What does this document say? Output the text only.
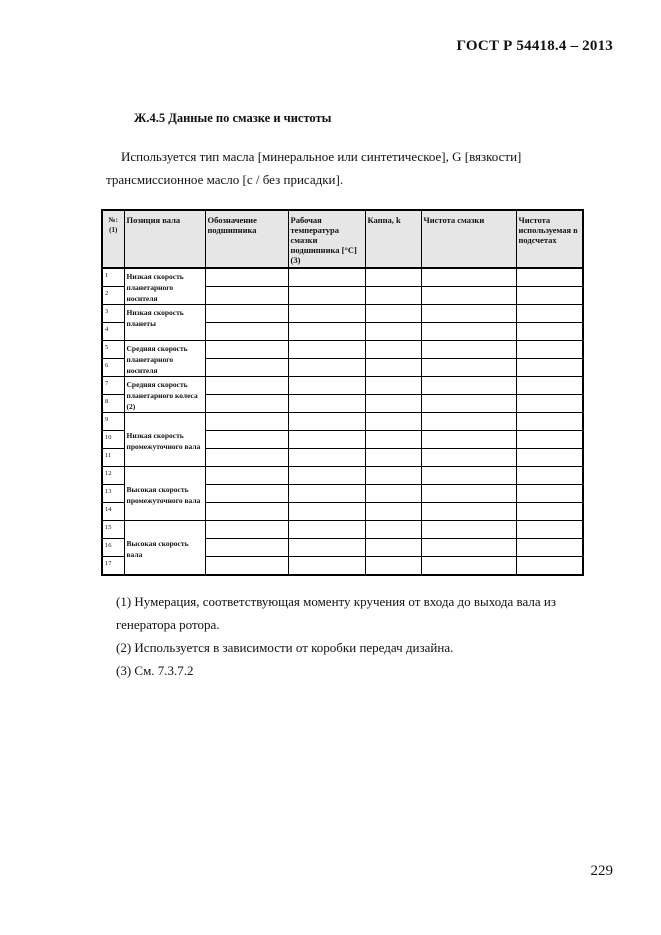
ГОСТ Р 54418.4 – 2013
Ж.4.5 Данные по смазке и чистоты
Используется тип масла [минеральное или синтетическое], G [вязкости]
трансмиссионное масло [с / без присадки].
№: (1)	Позиция вала	Обозначение подшипника	Рабочая температура смазки подшипника [°С] (3)	Каппа, k	Чистота смазки	Чистота используемая в подсчетах
1	Низкая скорость планетарного носителя					
2						
3	Низкая скорость планеты					
4						
5	Средняя скорость планетарного носителя					
6						
7	Средняя скорость планетарного колеса (2)					
8						
9	Низкая скорость промежуточного вала					
10						
11						
12	Высокая скорость промежуточного вала					
13						
14						
15	Высокая скорость вала					
16						
17						
(1) Нумерация, соответствующая моменту кручения от входа до выхода вала из
генератора ротора.
(2) Используется в зависимости от коробки передач дизайна.
(3) См. 7.3.7.2
229
